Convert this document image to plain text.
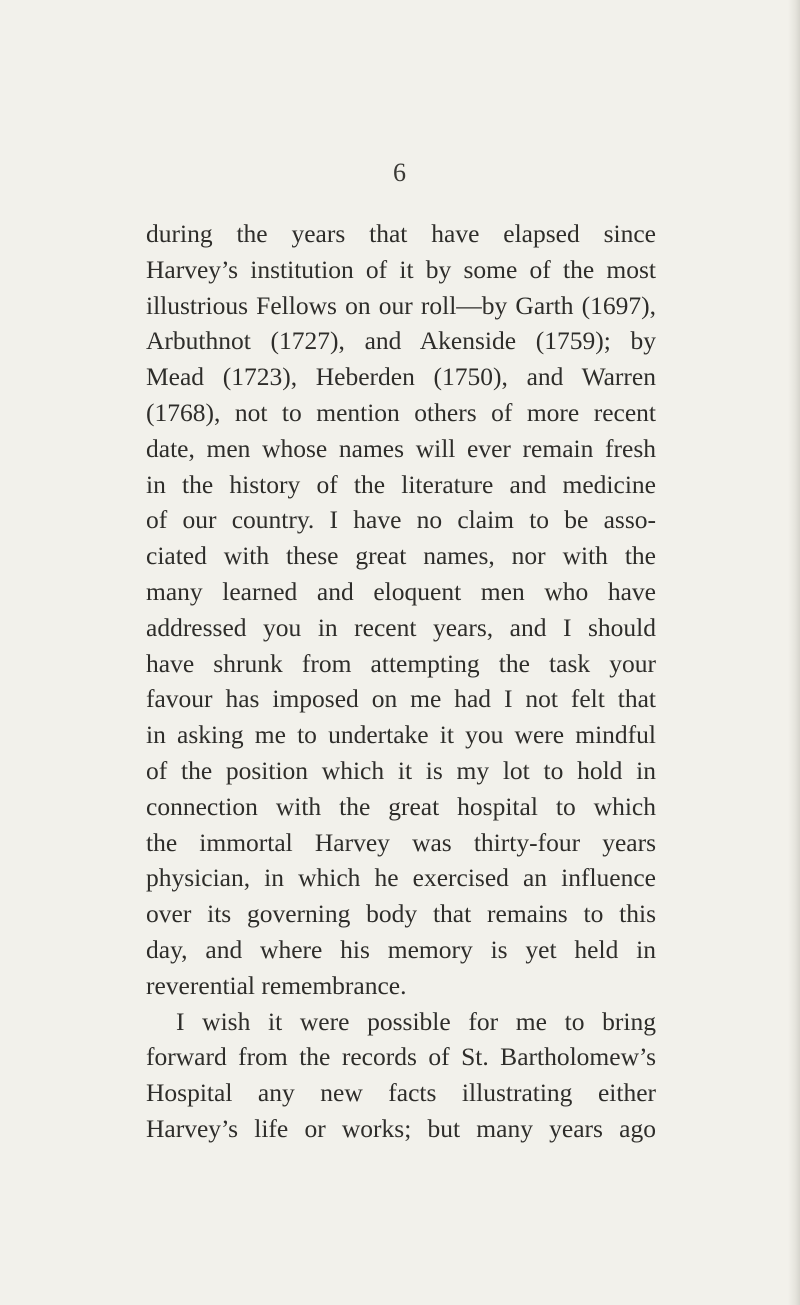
6
during the years that have elapsed since
Harvey’s institution of it by some of the most
illustrious Fellows on our roll—by Garth (1697),
Arbuthnot (1727), and Akenside (1759); by
Mead (1723), Heberden (1750), and Warren
(1768), not to mention others of more recent
date, men whose names will ever remain fresh
in the history of the literature and medicine
of our country. I have no claim to be asso-
ciated with these great names, nor with the
many learned and eloquent men who have
addressed you in recent years, and I should
have shrunk from attempting the task your
favour has imposed on me had I not felt that
in asking me to undertake it you were mindful
of the position which it is my lot to hold in
connection with the great hospital to which
the immortal Harvey was thirty-four years
physician, in which he exercised an influence
over its governing body that remains to this
day, and where his memory is yet held in
reverential remembrance.
I wish it were possible for me to bring
forward from the records of St. Bartholomew’s
Hospital any new facts illustrating either
Harvey’s life or works; but many years ago
